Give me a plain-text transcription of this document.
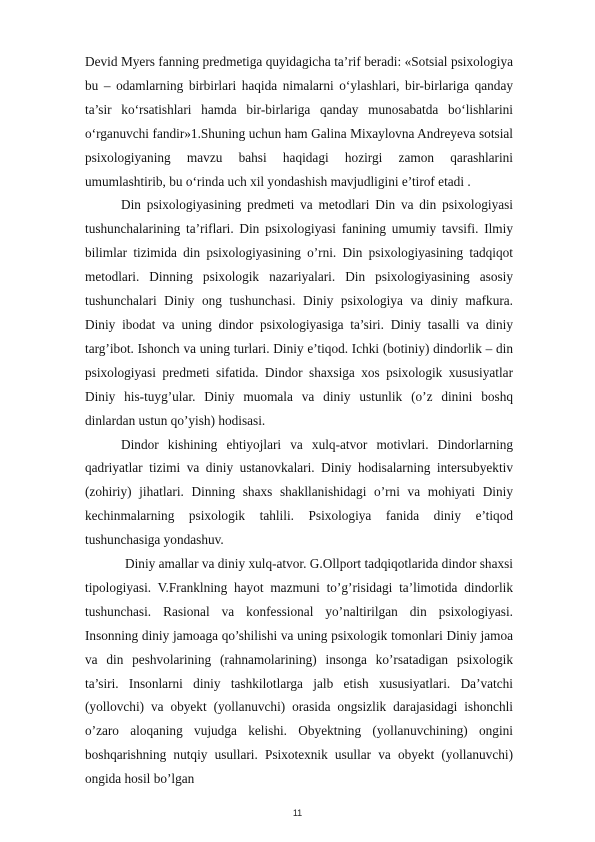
Devid Myers fanning predmetiga quyidagicha ta’rif beradi: «Sotsial psixologiya bu – odamlarning birbirlari haqida nimalarni o‘ylashlari, bir-birlariga qanday ta’sir ko‘rsatishlari hamda bir-birlariga qanday munosabatda bo‘lishlarini o‘rganuvchi fandir»1.Shuning uchun ham Galina Mixaylovna Andreyeva sotsial psixologiyaning mavzu bahsi haqidagi hozirgi zamon qarashlarini umumlashtirib, bu o‘rinda uch xil yondashish mavjudligini e’tirof etadi .

Din psixologiyasining predmeti va metodlari Din va din psixologiyasi tushunchalarining ta’riflari. Din psixologiyasi fanining umumiy tavsifi. Ilmiy bilimlar tizimida din psixologiyasining o’rni. Din psixologiyasining tadqiqot metodlari. Dinning psixologik nazariyalari. Din psixologiyasining asosiy tushunchalari Diniy ong tushunchasi. Diniy psixologiya va diniy mafkura. Diniy ibodat va uning dindor psixologiyasiga ta’siri. Diniy tasalli va diniy targ’ibot. Ishonch va uning turlari. Diniy e’tiqod. Ichki (botiniy) dindorlik – din psixologiyasi predmeti sifatida. Dindor shaxsiga xos psixologik xususiyatlar Diniy his-tuyg’ular. Diniy muomala va diniy ustunlik (o’z dinini boshq dinlardan ustun qo’yish) hodisasi.

Dindor kishining ehtiyojlari va xulq-atvor motivlari. Dindorlarning qadriyatlar tizimi va diniy ustanovkalari. Diniy hodisalarning intersubyektiv (zohiriy) jihatlari. Dinning shaxs shakllanishidagi o’rni va mohiyati Diniy kechinmalarning psixologik tahlili. Psixologiya fanida diniy e’tiqod tushunchasiga yondashuv.

Diniy amallar va diniy xulq-atvor. G.Ollport tadqiqotlarida dindor shaxsi tipologiyasi. V.Franklning hayot mazmuni to’g’risidagi ta’limotida dindorlik tushunchasi. Rasional va konfessional yo’naltirilgan din psixologiyasi. Insonning diniy jamoaga qo’shilishi va uning psixologik tomonlari Diniy jamoa va din peshvolarining (rahnamolarining) insonga ko’rsatadigan psixologik ta’siri. Insonlarni diniy tashkilotlarga jalb etish xususiyatlari. Da’vatchi (yollovchi) va obyekt (yollanuvchi) orasida ongsizlik darajasidagi ishonchli o’zaro aloqaning vujudga kelishi. Obyektning (yollanuvchining) ongini boshqarishning nutqiy usullari. Psixotexnik usullar va obyekt (yollanuvchi) ongida hosil bo’lgan

11
